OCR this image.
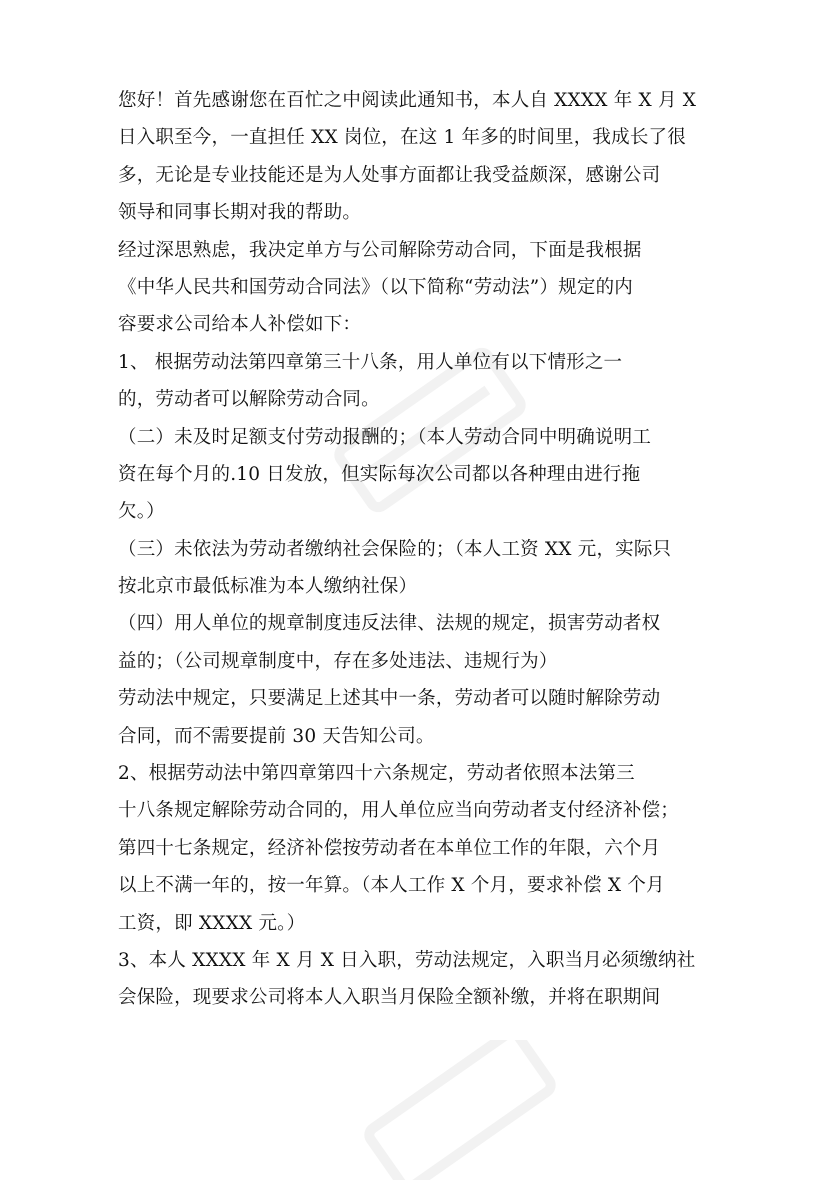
您好！首先感谢您在百忙之中阅读此通知书，本人自 XXXX 年 X 月 X
日入职至今，一直担任 XX 岗位，在这 1 年多的时间里，我成长了很
多，无论是专业技能还是为人处事方面都让我受益颇深，感谢公司
领导和同事长期对我的帮助。
经过深思熟虑，我决定单方与公司解除劳动合同，下面是我根据
《中华人民共和国劳动合同法》（以下简称“劳动法”）规定的内
容要求公司给本人补偿如下：
1、 根据劳动法第四章第三十八条，用人单位有以下情形之一
的，劳动者可以解除劳动合同。
（二）未及时足额支付劳动报酬的；（本人劳动合同中明确说明工
资在每个月的.10 日发放，但实际每次公司都以各种理由进行拖
欠。）
（三）未依法为劳动者缴纳社会保险的；（本人工资 XX 元，实际只
按北京市最低标准为本人缴纳社保）
（四）用人单位的规章制度违反法律、法规的规定，损害劳动者权
益的；（公司规章制度中，存在多处违法、违规行为）
劳动法中规定，只要满足上述其中一条，劳动者可以随时解除劳动
合同，而不需要提前 30 天告知公司。
2、根据劳动法中第四章第四十六条规定，劳动者依照本法第三
十八条规定解除劳动合同的，用人单位应当向劳动者支付经济补偿；
第四十七条规定，经济补偿按劳动者在本单位工作的年限，六个月
以上不满一年的，按一年算。（本人工作 X 个月，要求补偿 X 个月
工资，即 XXXX 元。）
3、本人 XXXX 年 X 月 X 日入职，劳动法规定，入职当月必须缴纳社
会保险，现要求公司将本人入职当月保险全额补缴，并将在职期间
